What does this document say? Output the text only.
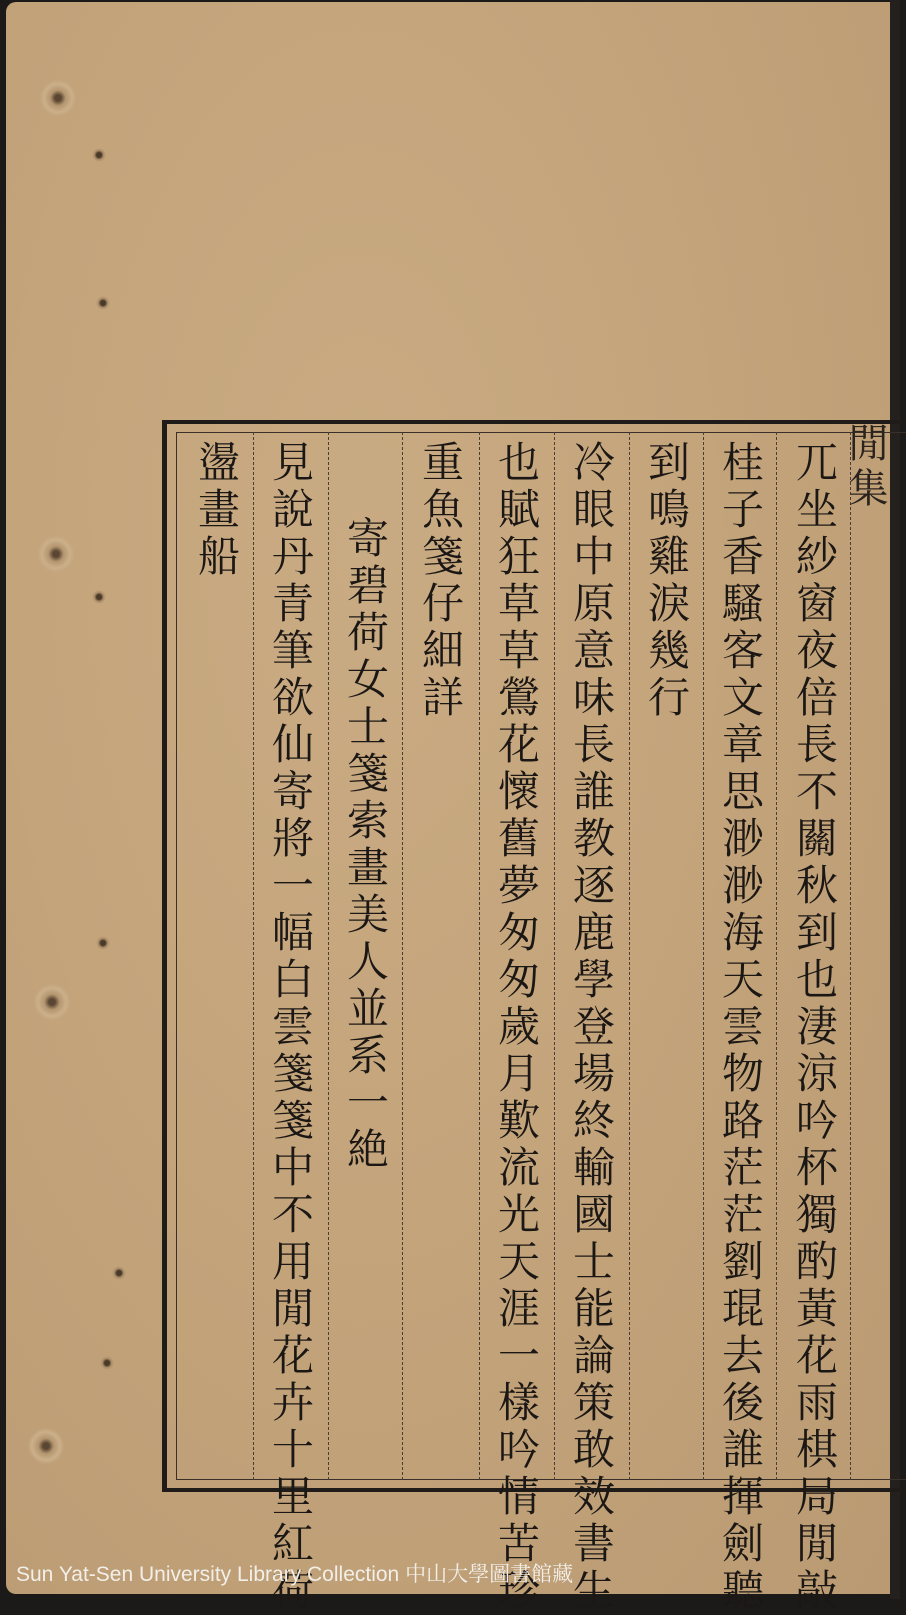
閒集
兀坐紗窗夜倍長不關秋到也淒涼吟杯獨酌黃花雨棋局閒敲
桂子香騷客文章思渺渺海天雲物路茫茫劉琨去後誰揮劍聽
到鳴雞淚幾行
冷眼中原意味長誰教逐鹿學登場終輸國士能論策敢效書生
也賦狂草草鶯花懷舊夢匆匆歲月歎流光天涯一樣吟情苦珍
重魚箋仔細詳
寄碧荷女士箋索畫美人並系一絶
見說丹青筆欲仙寄將一幅白雲箋箋中不用閒花卉十里紅荷
盪畫船
Sun Yat-Sen University Library Collection 中山大學圖書館藏
